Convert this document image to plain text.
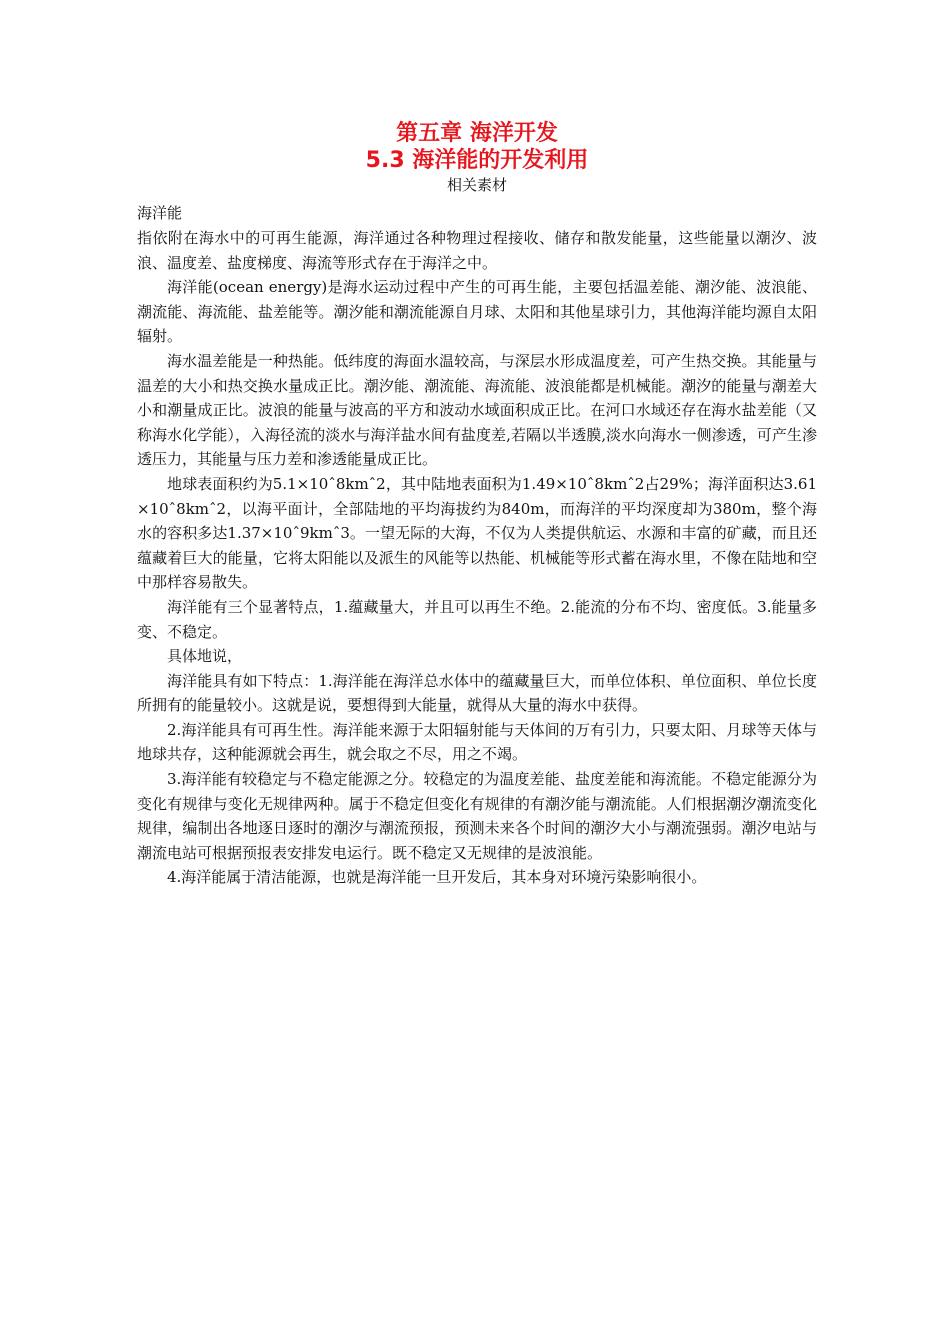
第五章 海洋开发
5.3 海洋能的开发利用
相关素材
海洋能

指依附在海水中的可再生能源，海洋通过各种物理过程接收、储存和散发能量，这些能量以潮汐、波浪、温度差、盐度梯度、海流等形式存在于海洋之中。

海洋能(ocean energy)是海水运动过程中产生的可再生能，主要包括温差能、潮汐能、波浪能、潮流能、海流能、盐差能等。潮汐能和潮流能源自月球、太阳和其他星球引力，其他海洋能均源自太阳辐射。

海水温差能是一种热能。低纬度的海面水温较高，与深层水形成温度差，可产生热交换。其能量与温差的大小和热交换水量成正比。潮汐能、潮流能、海流能、波浪能都是机械能。潮汐的能量与潮差大小和潮量成正比。波浪的能量与波高的平方和波动水域面积成正比。在河口水域还存在海水盐差能（又称海水化学能），入海径流的淡水与海洋盐水间有盐度差,若隔以半透膜,淡水向海水一侧渗透，可产生渗透压力，其能量与压力差和渗透能量成正比。

地球表面积约为5.1×10ˆ8kmˆ2，其中陆地表面积为1.49×10ˆ8kmˆ2占29%；海洋面积达3.61×10ˆ8kmˆ2，以海平面计，全部陆地的平均海拔约为840m，而海洋的平均深度却为380m，整个海水的容积多达1.37×10ˆ9kmˆ3。一望无际的大海，不仅为人类提供航运、水源和丰富的矿藏，而且还蕴藏着巨大的能量，它将太阳能以及派生的风能等以热能、机械能等形式蓄在海水里，不像在陆地和空中那样容易散失。

海洋能有三个显著特点，1.蕴藏量大，并且可以再生不绝。2.能流的分布不均、密度低。3.能量多变、不稳定。

具体地说，

海洋能具有如下特点：1.海洋能在海洋总水体中的蕴藏量巨大，而单位体积、单位面积、单位长度所拥有的能量较小。这就是说，要想得到大能量，就得从大量的海水中获得。

2.海洋能具有可再生性。海洋能来源于太阳辐射能与天体间的万有引力，只要太阳、月球等天体与地球共存，这种能源就会再生，就会取之不尽，用之不竭。

3.海洋能有较稳定与不稳定能源之分。较稳定的为温度差能、盐度差能和海流能。不稳定能源分为变化有规律与变化无规律两种。属于不稳定但变化有规律的有潮汐能与潮流能。人们根据潮汐潮流变化规律，编制出各地逐日逐时的潮汐与潮流预报，预测未来各个时间的潮汐大小与潮流强弱。潮汐电站与潮流电站可根据预报表安排发电运行。既不稳定又无规律的是波浪能。

4.海洋能属于清洁能源，也就是海洋能一旦开发后，其本身对环境污染影响很小。
